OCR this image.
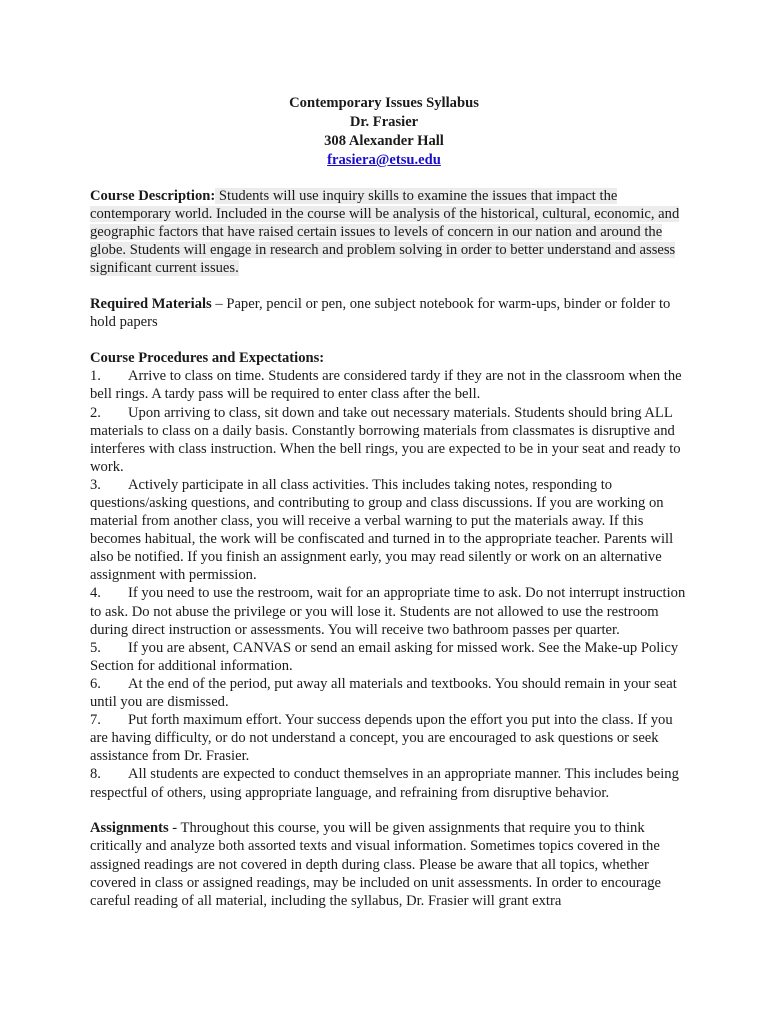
Contemporary Issues Syllabus
Dr. Frasier
308 Alexander Hall
frasiera@etsu.edu

Course Description: Students will use inquiry skills to examine the issues that impact the contemporary world. Included in the course will be analysis of the historical, cultural, economic, and geographic factors that have raised certain issues to levels of concern in our nation and around the globe. Students will engage in research and problem solving in order to better understand and assess significant current issues.

Required Materials – Paper, pencil or pen, one subject notebook for warm-ups, binder or folder to hold papers

Course Procedures and Expectations:

1. Arrive to class on time. Students are considered tardy if they are not in the classroom when the bell rings. A tardy pass will be required to enter class after the bell.
2. Upon arriving to class, sit down and take out necessary materials. Students should bring ALL materials to class on a daily basis. Constantly borrowing materials from classmates is disruptive and interferes with class instruction. When the bell rings, you are expected to be in your seat and ready to work.
3. Actively participate in all class activities. This includes taking notes, responding to questions/asking questions, and contributing to group and class discussions. If you are working on material from another class, you will receive a verbal warning to put the materials away. If this becomes habitual, the work will be confiscated and turned in to the appropriate teacher. Parents will also be notified. If you finish an assignment early, you may read silently or work on an alternative assignment with permission.
4. If you need to use the restroom, wait for an appropriate time to ask. Do not interrupt instruction to ask. Do not abuse the privilege or you will lose it. Students are not allowed to use the restroom during direct instruction or assessments. You will receive two bathroom passes per quarter.
5. If you are absent, CANVAS or send an email asking for missed work. See the Make-up Policy Section for additional information.
6. At the end of the period, put away all materials and textbooks. You should remain in your seat until you are dismissed.
7. Put forth maximum effort. Your success depends upon the effort you put into the class. If you are having difficulty, or do not understand a concept, you are encouraged to ask questions or seek assistance from Dr. Frasier.
8. All students are expected to conduct themselves in an appropriate manner. This includes being respectful of others, using appropriate language, and refraining from disruptive behavior.

Assignments - Throughout this course, you will be given assignments that require you to think critically and analyze both assorted texts and visual information. Sometimes topics covered in the assigned readings are not covered in depth during class. Please be aware that all topics, whether covered in class or assigned readings, may be included on unit assessments. In order to encourage careful reading of all material, including the syllabus, Dr. Frasier will grant extra
